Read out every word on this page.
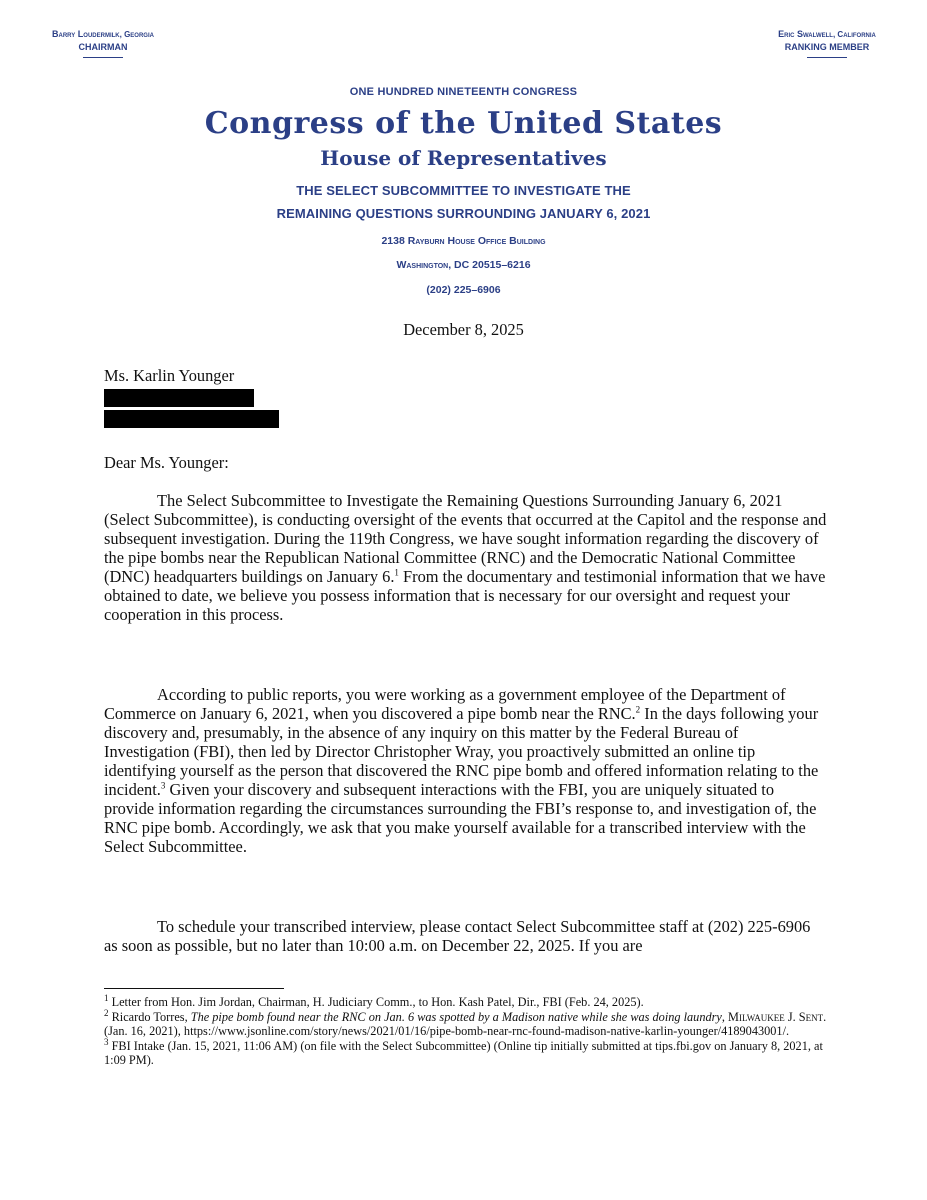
Barry Loudermilk, Georgia
CHAIRMAN
Eric Swalwell, California
RANKING MEMBER
ONE HUNDRED NINETEENTH CONGRESS
Congress of the United States
House of Representatives
THE SELECT SUBCOMMITTEE TO INVESTIGATE THE
REMAINING QUESTIONS SURROUNDING JANUARY 6, 2021
2138 Rayburn House Office Building
Washington, DC 20515–6216
(202) 225–6906
December 8, 2025
Ms. Karlin Younger
Dear Ms. Younger:

The Select Subcommittee to Investigate the Remaining Questions Surrounding January 6, 2021 (Select Subcommittee), is conducting oversight of the events that occurred at the Capitol and the response and subsequent investigation. During the 119th Congress, we have sought information regarding the discovery of the pipe bombs near the Republican National Committee (RNC) and the Democratic National Committee (DNC) headquarters buildings on January 6.$^1$ From the documentary and testimonial information that we have obtained to date, we believe you possess information that is necessary for our oversight and request your cooperation in this process.

According to public reports, you were working as a government employee of the Department of Commerce on January 6, 2021, when you discovered a pipe bomb near the RNC.$^2$ In the days following your discovery and, presumably, in the absence of any inquiry on this matter by the Federal Bureau of Investigation (FBI), then led by Director Christopher Wray, you proactively submitted an online tip identifying yourself as the person that discovered the RNC pipe bomb and offered information relating to the incident.$^3$ Given your discovery and subsequent interactions with the FBI, you are uniquely situated to provide information regarding the circumstances surrounding the FBI’s response to, and investigation of, the RNC pipe bomb. Accordingly, we ask that you make yourself available for a transcribed interview with the Select Subcommittee.

To schedule your transcribed interview, please contact Select Subcommittee staff at (202) 225-6906 as soon as possible, but no later than 10:00 a.m. on December 22, 2025. If you are

$^1$ Letter from Hon. Jim Jordan, Chairman, H. Judiciary Comm., to Hon. Kash Patel, Dir., FBI (Feb. 24, 2025).

$^2$ Ricardo Torres, The pipe bomb found near the RNC on Jan. 6 was spotted by a Madison native while she was doing laundry, Milwaukee J. Sent. (Jan. 16, 2021), https://www.jsonline.com/story/news/2021/01/16/pipe-bomb-near-rnc-found-madison-native-karlin-younger/4189043001/.

$^3$ FBI Intake (Jan. 15, 2021, 11:06 AM) (on file with the Select Subcommittee) (Online tip initially submitted at tips.fbi.gov on January 8, 2021, at 1:09 PM).
